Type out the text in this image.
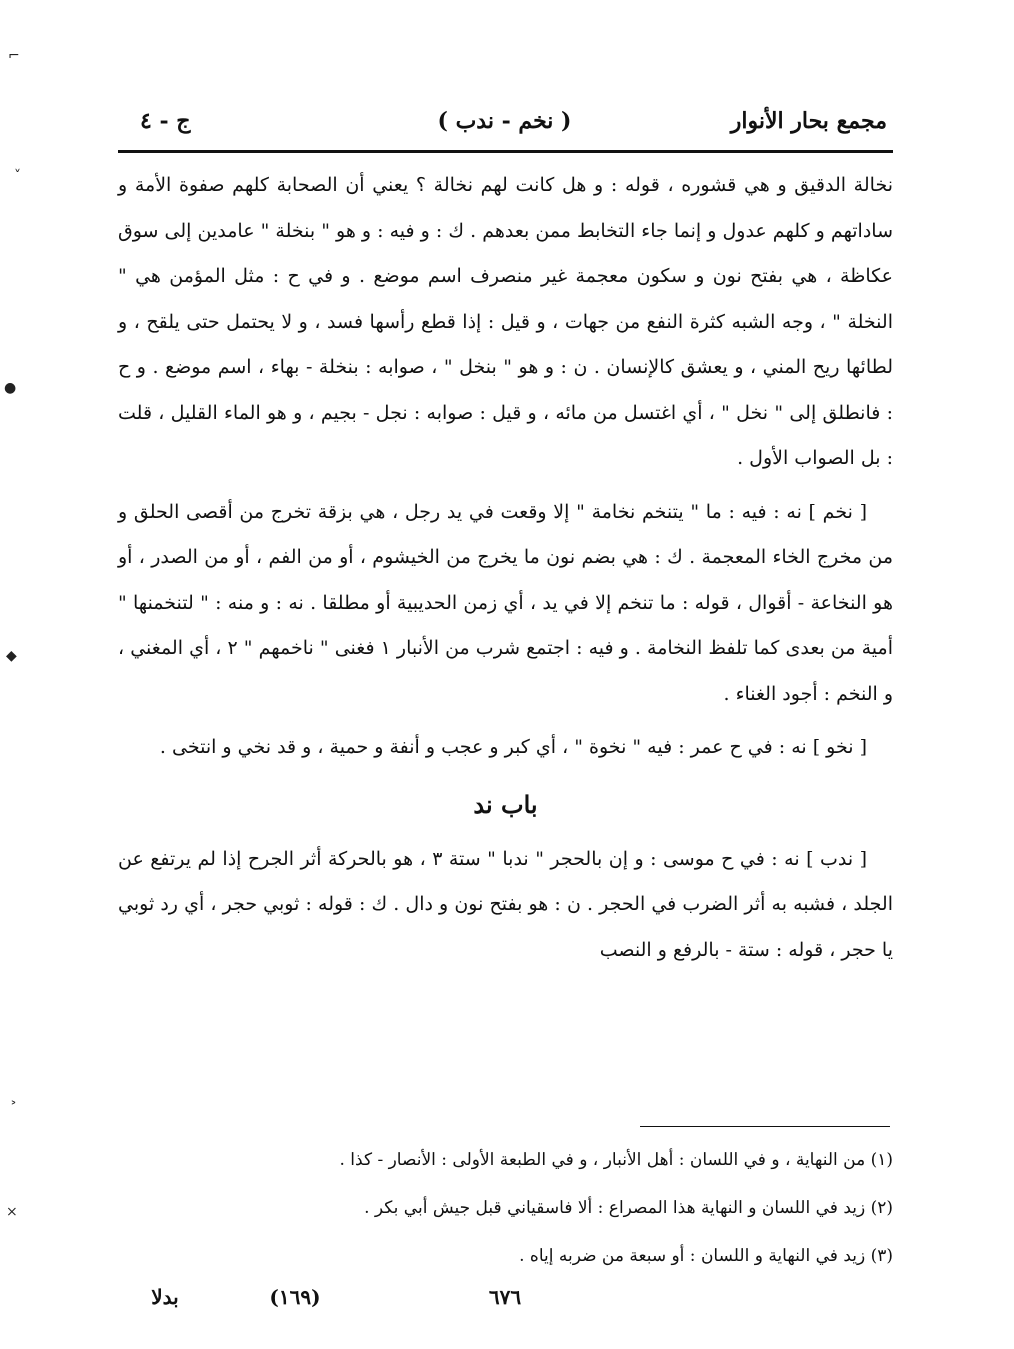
مجمع بحار الأنوار
( نخم - ندب )
ج - ٤

نخالة الدقيق و هي قشوره ، قوله : و هل كانت لهم نخالة ؟ يعني أن الصحابة كلهم صفوة الأمة و ساداتهم و كلهم عدول و إنما جاء التخابط ممن بعدهم . ك : و فيه : و هو " بنخلة " عامدين إلى سوق عكاظة ، هي بفتح نون و سكون معجمة غير منصرف اسم موضع . و في ح : مثل المؤمن هي " النخلة " ، وجه الشبه كثرة النفع من جهات ، و قيل : إذا قطع رأسها فسد ، و لا يحتمل حتى يلقح ، و لطائها ريح المني ، و يعشق كالإنسان . ن : و هو " بنخل " ، صوابه : بنخلة - بهاء ، اسم موضع . و ح : فانطلق إلى " نخل " ، أي اغتسل من مائه ، و قيل : صوابه : نجل - بجيم ، و هو الماء القليل ، قلت : بل الصواب الأول .

[ نخم ] نه : فيه : ما " يتنخم نخامة " إلا وقعت في يد رجل ، هي بزقة تخرج من أقصى الحلق و من مخرج الخاء المعجمة . ك : هي بضم نون ما يخرج من الخيشوم ، أو من الفم ، أو من الصدر ، أو هو النخاعة - أقوال ، قوله : ما تنخم إلا في يد ، أي زمن الحديبية أو مطلقا . نه : و منه : " لتنخمنها " أمية من بعدى كما تلفظ النخامة . و فيه : اجتمع شرب من الأنبار ١ فغنى " ناخمهم " ٢ ، أي المغني ، و النخم : أجود الغناء .

[ نخو ] نه : في ح عمر : فيه " نخوة " ، أي كبر و عجب و أنفة و حمية ، و قد نخي و انتخى .

باب ند

[ ندب ] نه : في ح موسى : و إن بالحجر " ندبا " ستة ٣ ، هو بالحركة أثر الجرح إذا لم يرتفع عن الجلد ، فشبه به أثر الضرب في الحجر . ن : هو بفتح نون و دال . ك : قوله : ثوبي حجر ، أي رد ثوبي يا حجر ، قوله : ستة - بالرفع و النصب

(١) من النهاية ، و في اللسان : أهل الأنبار ، و في الطبعة الأولى : الأنصار - كذا .
(٢) زيد في اللسان و النهاية هذا المصراع : ألا فاسقياني قبل جيش أبي بكر .
(٣) زيد في النهاية و اللسان : أو سبعة من ضربه إياه .
٦٧٦
(١٦٩)
بدلا
⌐
˅
●
◆
˃
×
